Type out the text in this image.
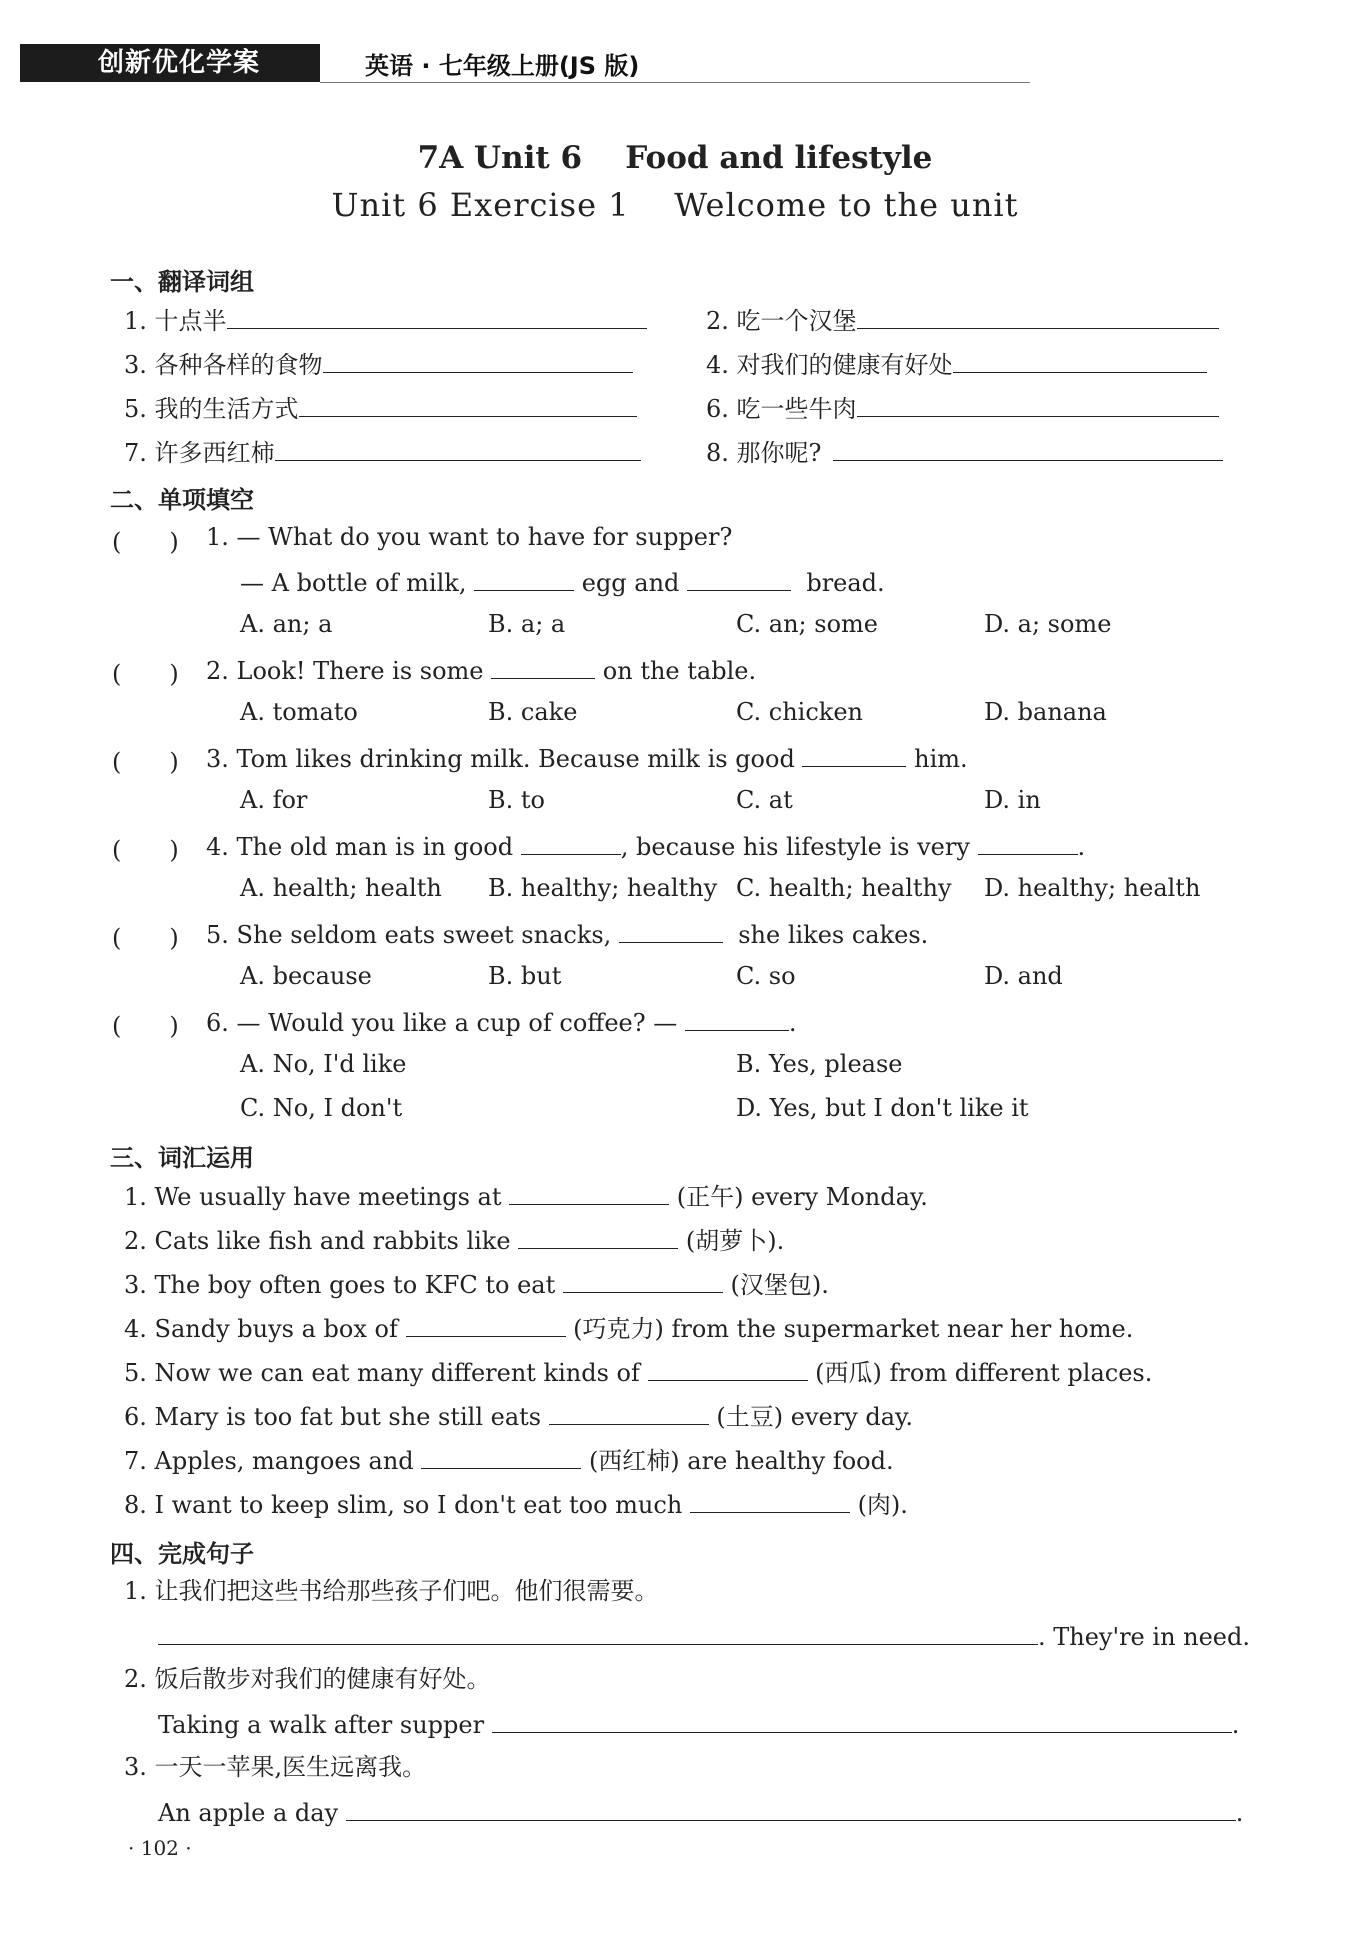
创新优化学案	英语 · 七年级上册(JS 版)
7A Unit 6    Food and lifestyle
Unit 6 Exercise 1    Welcome to the unit
一、翻译词组
1. 十点半	2. 吃一个汉堡
3. 各种各样的食物	4. 对我们的健康有好处
5. 我的生活方式	6. 吃一些牛肉
7. 许多西红柿	8. 那你呢?
二、单项填空
(　　) 1. — What do you want to have for supper?
— A bottle of milk,	egg and	bread.
A. an; a	B. a; a	C. an; some	D. a; some
(　　) 2. Look! There is some	on the table.
A. tomato	B. cake	C. chicken	D. banana
(　　) 3. Tom likes drinking milk. Because milk is good	him.
A. for	B. to	C. at	D. in
(　　) 4. The old man is in good	, because his lifestyle is very	.
A. health; health B. healthy; healthy C. health; healthy D. healthy; health
(　　) 5. She seldom eats sweet snacks,	she likes cakes.
A. because	B. but	C. so	D. and
(　　) 6. — Would you like a cup of coffee? —	.
A. No, I'd like	B. Yes, please
C. No, I don't	D. Yes, but I don't like it
三、词汇运用
1. We usually have meetings at	(正午) every Monday.
2. Cats like fish and rabbits like	(胡萝卜).
3. The boy often goes to KFC to eat	(汉堡包).
4. Sandy buys a box of	(巧克力) from the supermarket near her home.
5. Now we can eat many different kinds of	(西瓜) from different places.
6. Mary is too fat but she still eats	(土豆) every day.
7. Apples, mangoes and	(西红柿) are healthy food.
8. I want to keep slim, so I don't eat too much	(肉).
四、完成句子
1. 让我们把这些书给那些孩子们吧。他们很需要。
. They're in need.
2. 饭后散步对我们的健康有好处。
Taking a walk after supper	.
3. 一天一苹果,医生远离我。
An apple a day	.
· 102 ·
